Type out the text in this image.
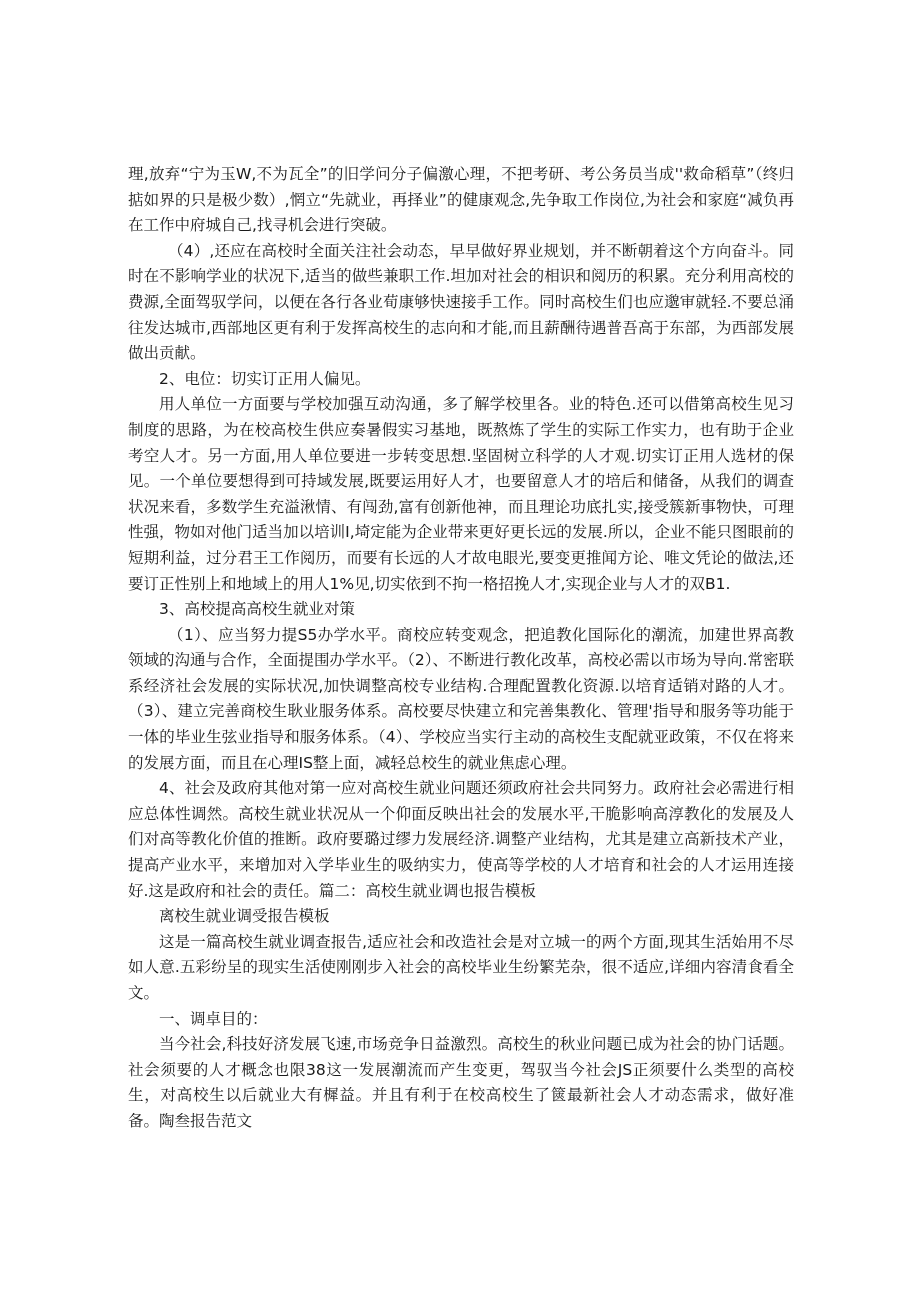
理,放弃“宁为玉W,不为瓦全”的旧学问分子偏激心理，不把考研、考公务员当成''救命稻草”（终归掂如界的只是极少数）,惘立“先就业，再择业”的健康观念,先争取工作岗位,为社会和家庭“减负再在工作中府城自己,找寻机会进行突破。

（4）,还应在高校时全面关注社会动态，早早做好界业规划，并不断朝着这个方向奋斗。同时在不影响学业的状况下,适当的做些兼职工作.坦加对社会的相识和阅历的积累。充分利用高校的费源,全面驾驭学问，以便在各行各业荀康够快速接手工作。同时高校生们也应邈审就轻.不要总涌往发达城市,西部地区更有利于发挥高校生的志向和才能,而且薪酬待遇普吾高于东部，为西部发展做出贡献。

2、电位：切实订正用人偏见。

用人单位一方面要与学校加强互动沟通，多了解学校里各。业的特色.还可以借第高校生见习制度的思路，为在校高校生供应奏暑假实习基地，既熬炼了学生的实际工作实力，也有助于企业考空人才。另一方面,用人单位要进一步转变思想.坚固树立科学的人才观.切实订正用人选材的保见。一个单位要想得到可持域发展,既要运用好人才，也要留意人才的培后和储备，从我们的调查状况来看，多数学生充溢湫情、有闯劲,富有创新他神，而且理论功底扎实,接受簇新事物快，可理性强，物如对他门适当加以培训I,埼定能为企业带来更好更长远的发展.所以，企业不能只图眼前的短期利益，过分君王工作阅历，而要有长远的人才故电眼光,要变更推闻方论、唯文凭论的做法,还要订正性别上和地域上的用人1%见,切实依到不拘一格招挽人才,实现企业与人才的双B1.

3、高校提高高校生就业对策

（1）、应当努力提S5办学水平。商校应转变观念，把追教化国际化的潮流，加建世界高教领域的沟通与合作，全面提围办学水平。（2）、不断进行教化改革，高校必需以市场为导向.常密联系经济社会发展的实际状况,加快调整高校专业结构.合理配置教化资源.以培育适销对路的人才。（3）、建立完善商校生耿业服务体系。高校要尽快建立和完善集教化、管理'指导和服务等功能于一体的毕业生弦业指导和服务体系。（4）、学校应当实行主动的高校生支配就亚政策，不仅在将来的发展方面，而且在心理IS整上面，减轻总校生的就业焦虑心理。

4、社会及政府其他对第一应对高校生就业问题还须政府社会共同努力。政府社会必需进行相应总体性调然。高校生就业状况从一个仰面反映出社会的发展水平,干脆影响高淳教化的发展及人们对高等教化价值的推断。政府要璐过缪力发展经济.调整产业结构，尤其是建立高新技术产业，提高产业水平，来增加对入学毕业生的吸纳实力，使高等学校的人才培育和社会的人才运用连接好.这是政府和社会的责任。篇二：高校生就业调也报告模板

离校生就业调受报告模板

这是一篇高校生就业调查报告,适应社会和改造社会是对立城一的两个方面,现其生活始用不尽如人意.五彩纷呈的现实生活使刚刚步入社会的高校毕业生纷繁芜杂，很不适应,详细内容清食看全文。

一、调卓目的：

当今社会,科技好济发展飞速,市场竞争日益激烈。高校生的秋业问题已成为社会的协门话题。社会须要的人才概念也限38这一发展潮流而产生变更，驾驭当今社会JS正须要什么类型的高校生，对高校生以后就业大有樨益。并且有利于在校高校生了篋最新社会人才动态需求，做好准备。陶叁报告范文
